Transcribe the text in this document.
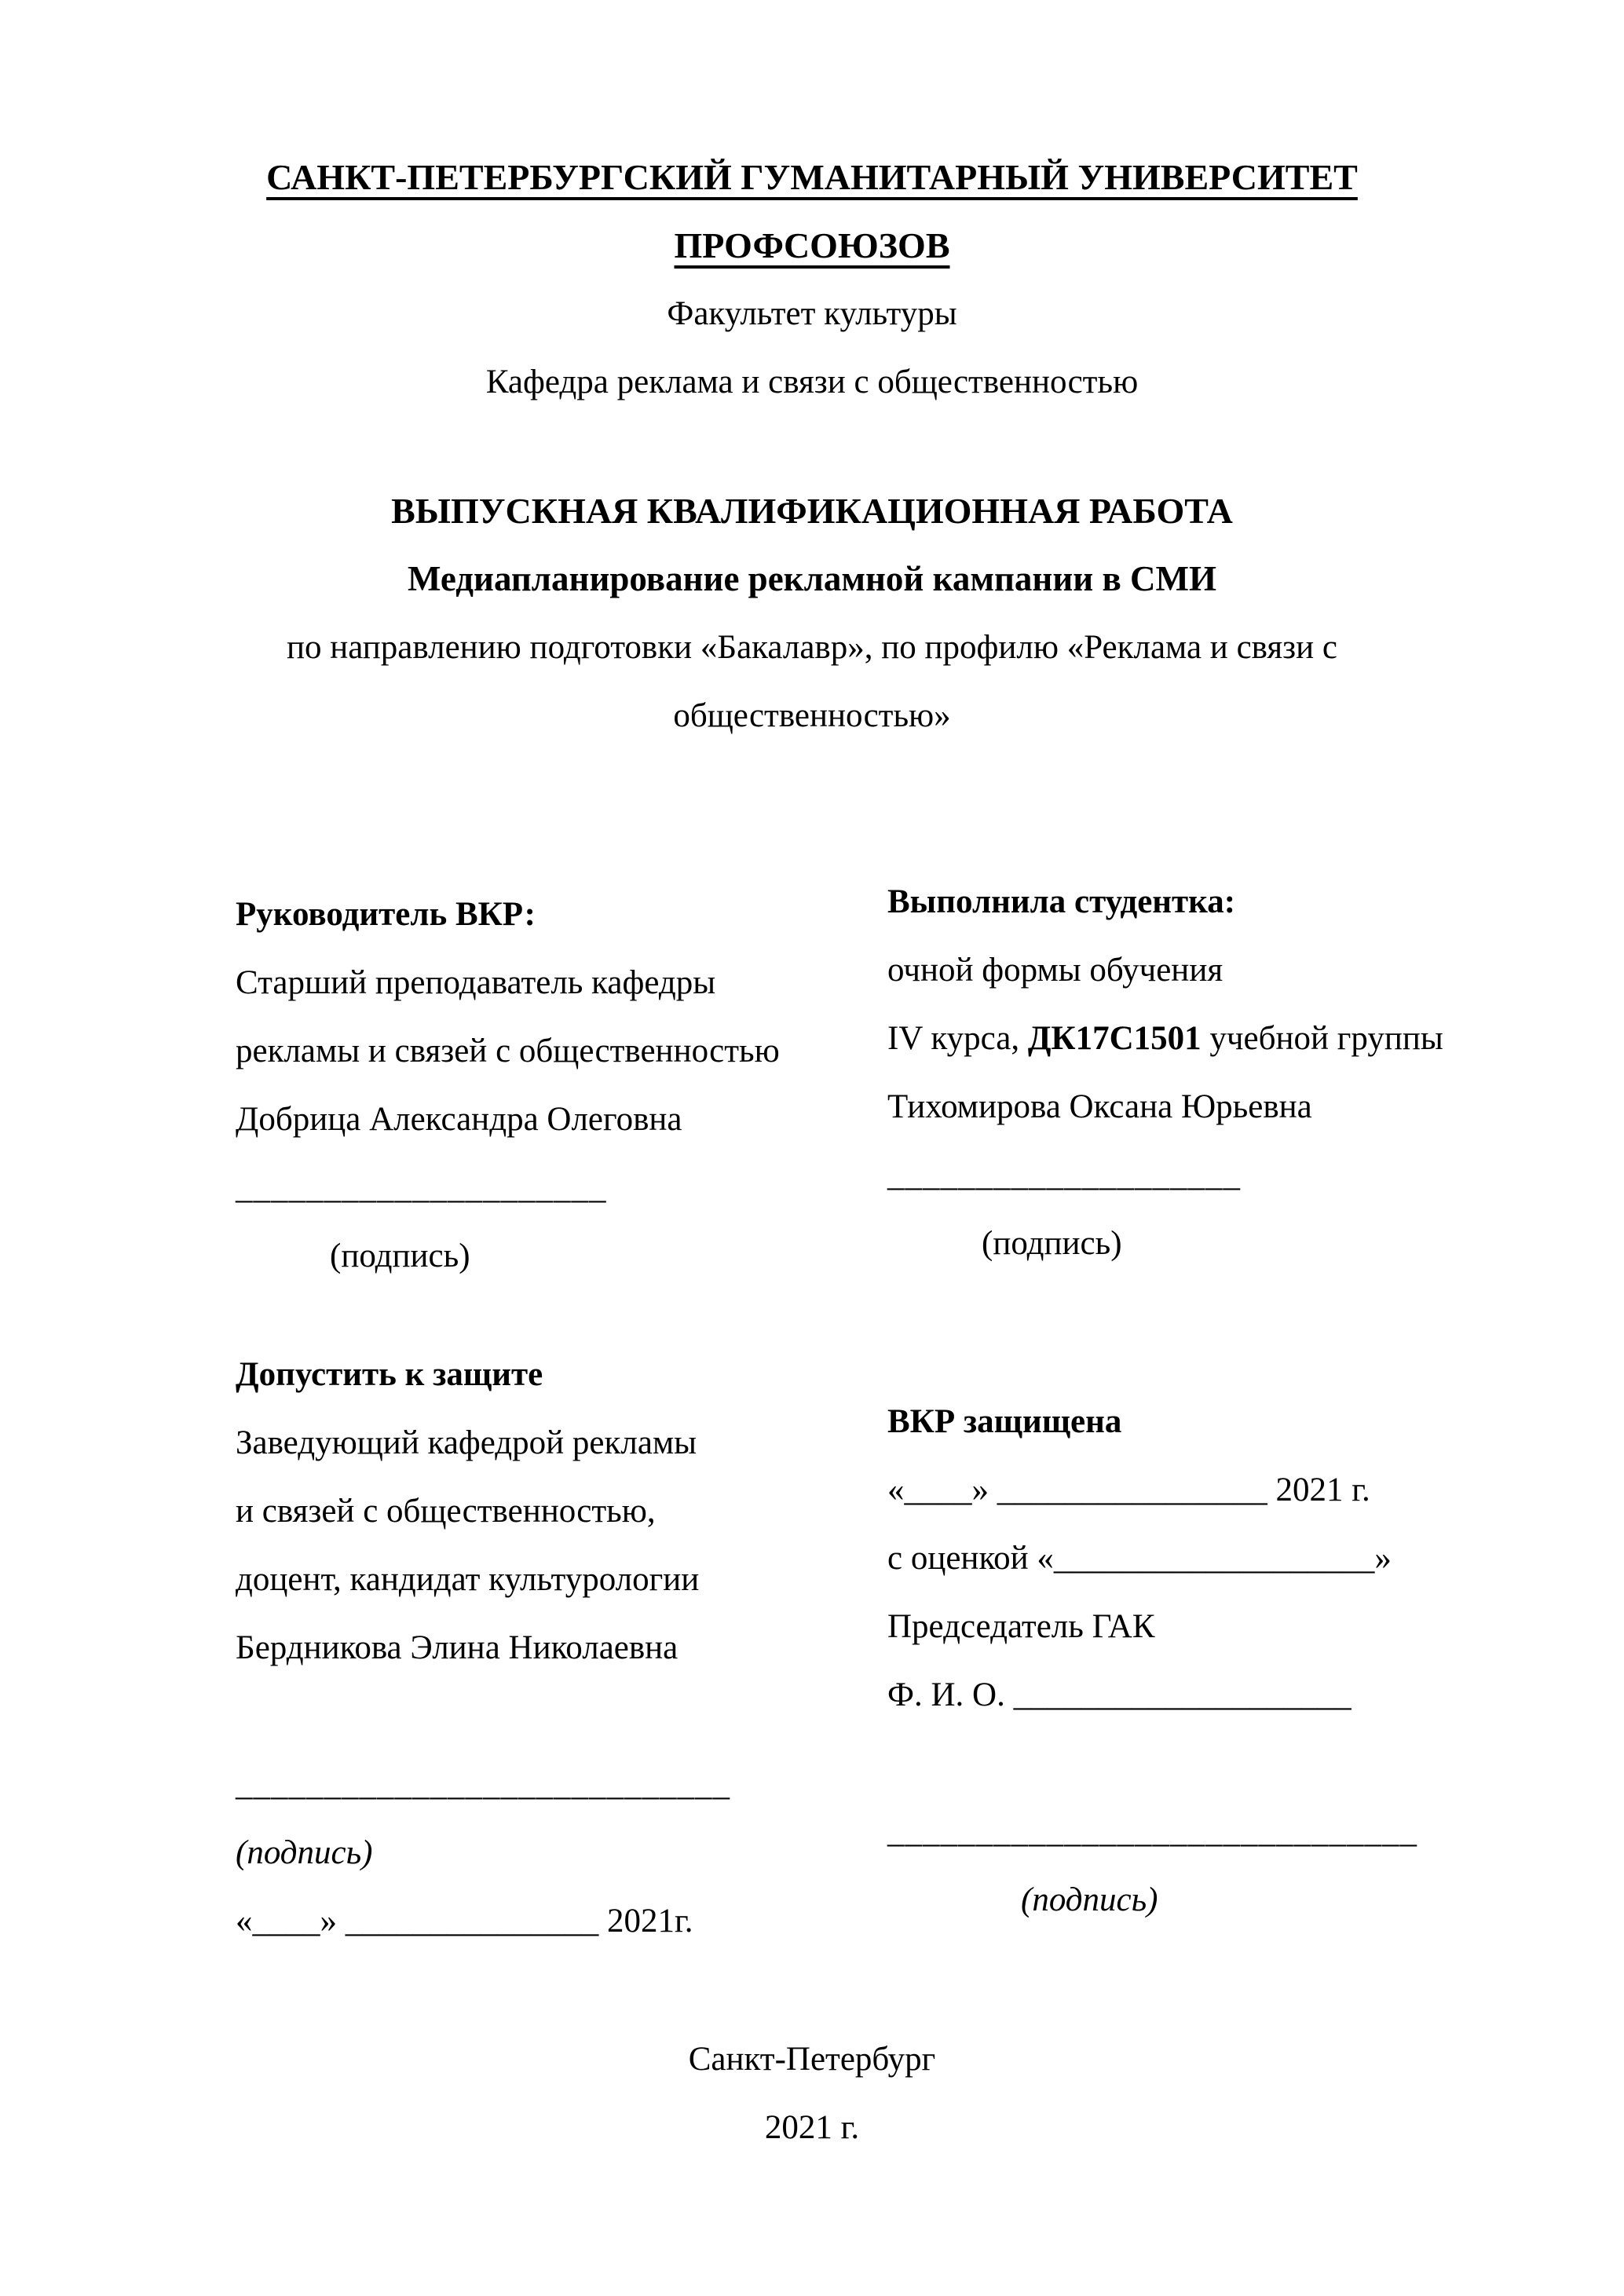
САНКТ-ПЕТЕРБУРГСКИЙ ГУМАНИТАРНЫЙ УНИВЕРСИТЕТ
ПРОФСОЮЗОВ
Факультет культуры
Кафедра реклама и связи с общественностью
ВЫПУСКНАЯ КВАЛИФИКАЦИОННАЯ РАБОТА
Медиапланирование рекламной кампании в СМИ
по направлению подготовки «Бакалавр», по профилю «Реклама и связи с
общественностью»
Руководитель ВКР:
Старший преподаватель кафедры
рекламы и связей с общественностью
Добрица Александра Олеговна
_____________________
(подпись)
Выполнила студентка:
очной формы обучения
IV курса, ДК17С1501 учебной группы
Тихомирова Оксана Юрьевна
____________________
(подпись)
Допустить к защите
Заведующий кафедрой рекламы
и связей с общественностью,
доцент, кандидат культурологии
Бердникова Элина Николаевна
____________________________
(подпись)
«____» _______________ 2021г.
ВКР защищена
«____» ________________ 2021 г.
с оценкой «___________________»
Председатель ГАК
Ф. И. О. ____________________
______________________________
(подпись)
Санкт-Петербург
2021 г.
